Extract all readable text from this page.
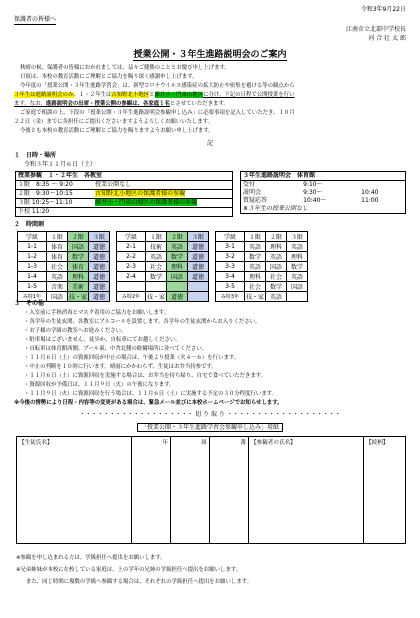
令和3年9月22日
保護者の皆様へ
江南市立北部中学校長
河 合 壮 太 郎
授業公開・３年生進路説明会のご案内
秋晴の候、保護者の皆様におかれましては、益々ご健勝のこととお慶び申し上げます。
日頃は、本校の教育活動にご理解とご協力を賜り深く感謝申し上げます。
今年度の「授業公開・３年生進路学習会」は、新型コロナウイルス感染症の拡大防止や密集を避ける等の観点から
３年生は進路説明会のみ、１・２年生は古知野北小地区と藤井小・門弟山地区に分け、下記の日程で公開授業を行い
ます。なお、進路説明会の出席・授業公開の参観は、各家庭１名とさせていただきます。
ご家庭で相談の上、下段の「授業公開・３年生進路説明会参観申し込み」に必要事項を記入していただき、１０月
２２日（金）までに各担任にご提出くださいますようよろしくお願いいたします。
今後とも本校の教育活動にご理解とご協力を賜りますようお願い申し上げます。
記
１　日時・場所
令和３年１１月６日（土）
授業参観　１・２年生　各教室	
１限　8:35 ～ 9:20	授業公開なし
２限　9:30～10:15	古知野北小地区の保護者様の参観
３限 10:25～11:10	藤井小・門弟山地区の保護者様の参観
下校 11:20	
３年生進路説明会　体育館		
受付	9:10～	
説明会	9:30～	10:40
質疑応答	10:40～	11:00
※３年生の授業公開なし		
２　時間割
学級	１限	２限	３限		学級	１限	２限	３限		学級	１限	２限	３限
1-1	体育	国語	道徳		2-1	技術	英語	道徳		3-1	英語	理科	英語
1-2	体育	数学	道徳		2-2	英語	数学	道徳		3-2	数学	英語	理科
1-3	社会	体育	道徳		2-3	社会	理科	道徳		3-3	英語	国語	数学
1-4	英語	理科	道徳		2-4	数学	国語	道徳		3-4	理科	社会	英語
1-5	音楽	美術	道徳							3-5	社会	数学	国語
み特1年	国語	技・家	道徳		み特2年	技・家	道徳			み特3年	技・家	英語	
３　その他
・入室前に手指消毒とマスク着用のご協力をお願いします。
・各学年の生徒玄関、各教室にアルコールを設置します。各学年の生徒玄関からお入りください。
・お子様の学級の教室へお進みください。
・駐車場はございません。徒歩か、自転車にてお越しください。
・自転車は体育館西側、プール東、中舎北側の駐輪場所に並べてください。
・１１月６日（土）の資源回収が中止の場合は、午後より授業（火４～６）を行います。
・中止の判断を１０時に行います。晴雨にかかわらず、生徒はお弁当持参です。
・１１月６日（土）に資源回収を実施する場合は、お弁当を持ち帰り、自宅で食べていただきます。
・資源回収が予備日は、１１月９日（火）の午後になります。
・１１月９日（火）に資源回収を行う場合は、１１月６日（土）に実施する予定の３０分程度行います。
※今後の情勢により日程・内容等の変更がある場合は、緊急メール並びに本校ホームページでお知らせします。
・・・・・・・・・・・・・・・・・・・ 切 り 取 り ・・・・・・・・・・・・・・・・・・・
「授業公開・３年生進路学習会参観申し込み」用紙
【生徒氏名】	年	組	番	【参観者の氏名】	【続柄】
※参観を申し込まれる方は、学級担任へ提出をお願いします。
※兄弟姉妹が本校に在校している家庭は、上の学年の兄姉の学級担任へ提出をお願いします。
また、同じ時間に複数の学級へ参観する場合は、それぞれの学級担任へ提出をお願いします。
